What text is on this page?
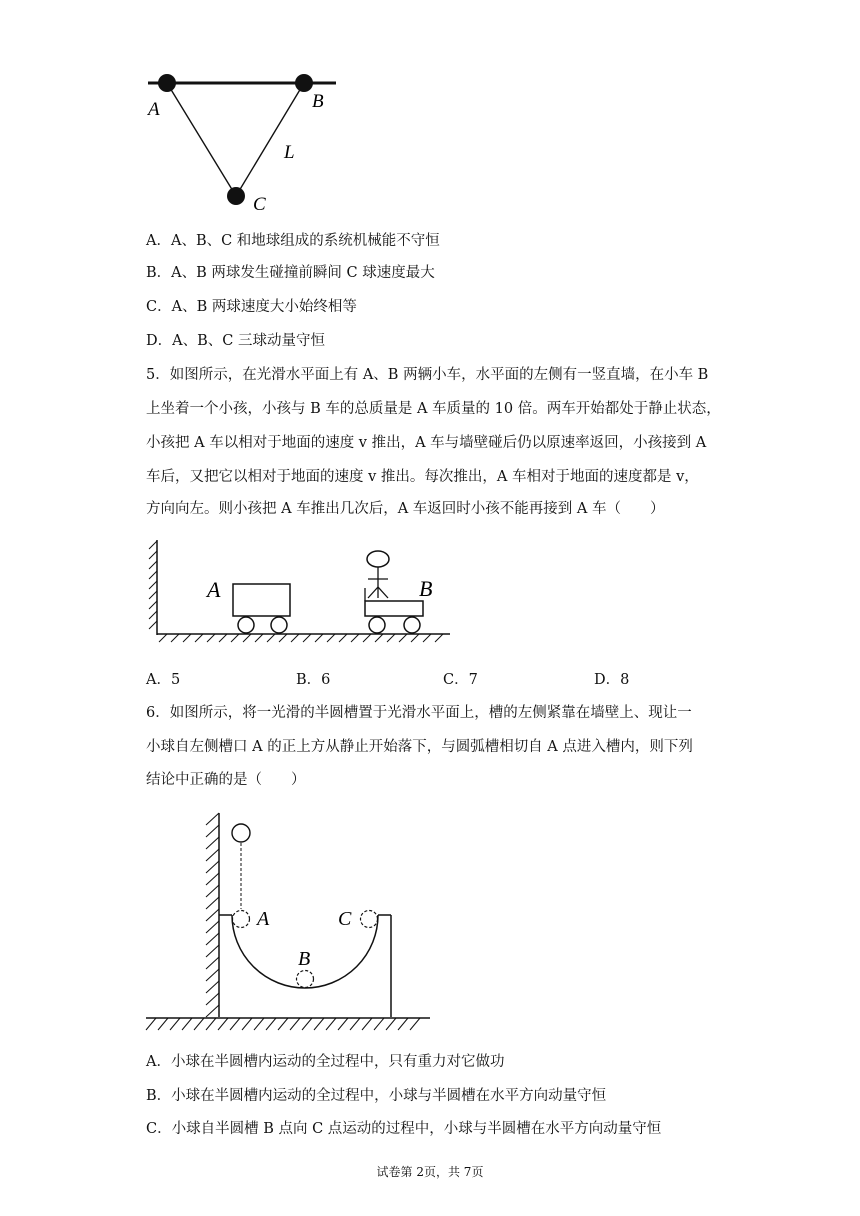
A	B
L
C
A．A、B、C 和地球组成的系统机械能不守恒
B．A、B 两球发生碰撞前瞬间 C 球速度最大
C．A、B 两球速度大小始终相等
D．A、B、C 三球动量守恒
5．如图所示，在光滑水平面上有 A、B 两辆小车，水平面的左侧有一竖直墙，在小车 B
上坐着一个小孩，小孩与 B 车的总质量是 A 车质量的 10 倍。两车开始都处于静止状态，
小孩把 A 车以相对于地面的速度 v 推出，A 车与墙壁碰后仍以原速率返回，小孩接到 A
车后，又把它以相对于地面的速度 v 推出。每次推出，A 车相对于地面的速度都是 v，
方向向左。则小孩把 A 车推出几次后，A 车返回时小孩不能再接到 A 车（　　）
A	B
A．5	B．6	C．7	D．8
6．如图所示，将一光滑的半圆槽置于光滑水平面上，槽的左侧紧靠在墙壁上、现让一
小球自左侧槽口 A 的正上方从静止开始落下，与圆弧槽相切自 A 点进入槽内，则下列
结论中正确的是（　　）
A	C
B
A．小球在半圆槽内运动的全过程中，只有重力对它做功
B．小球在半圆槽内运动的全过程中，小球与半圆槽在水平方向动量守恒
C．小球自半圆槽 B 点向 C 点运动的过程中，小球与半圆槽在水平方向动量守恒
试卷第 2页，共 7页
